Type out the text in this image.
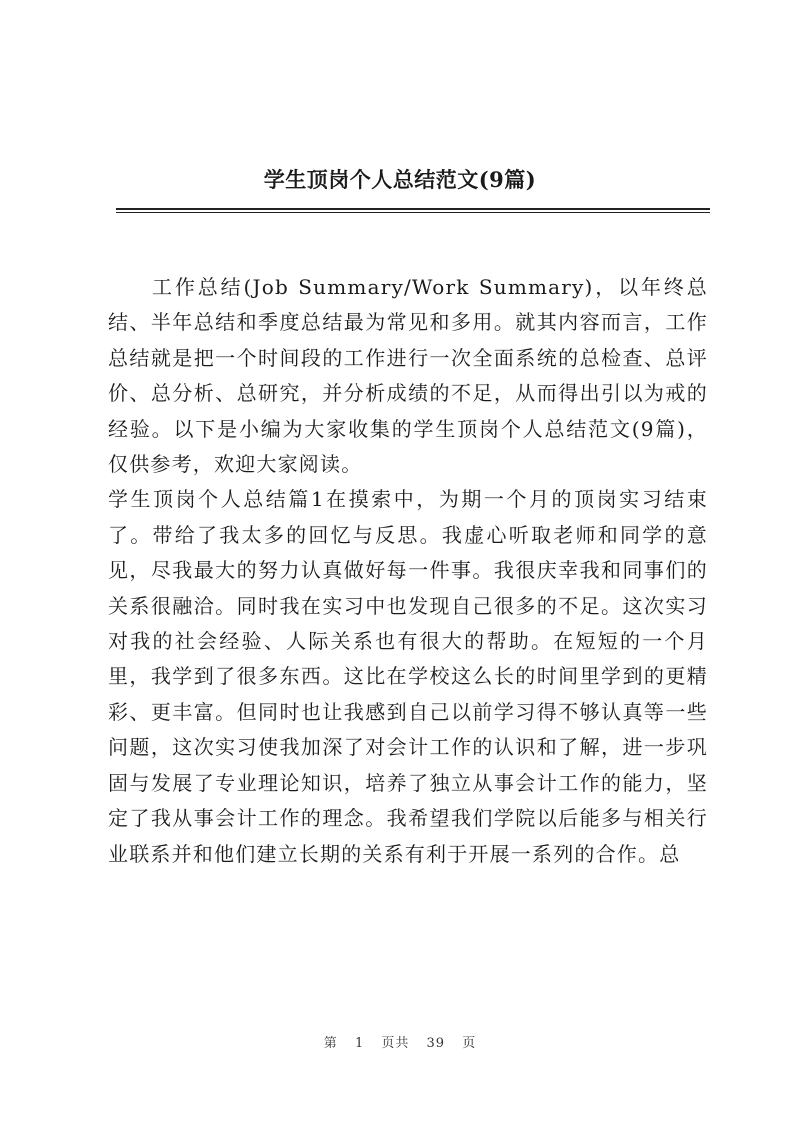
学生顶岗个人总结范文(9篇)

工作总结(Job Summary/Work Summary)，以年终总结、半年总结和季度总结最为常见和多用。就其内容而言，工作总结就是把一个时间段的工作进行一次全面系统的总检查、总评价、总分析、总研究，并分析成绩的不足，从而得出引以为戒的经验。以下是小编为大家收集的学生顶岗个人总结范文(9篇)，仅供参考，欢迎大家阅读。

学生顶岗个人总结篇1在摸索中，为期一个月的顶岗实习结束了。带给了我太多的回忆与反思。我虚心听取老师和同学的意见，尽我最大的努力认真做好每一件事。我很庆幸我和同事们的关系很融洽。同时我在实习中也发现自己很多的不足。这次实习对我的社会经验、人际关系也有很大的帮助。在短短的一个月里，我学到了很多东西。这比在学校这么长的时间里学到的更精彩、更丰富。但同时也让我感到自己以前学习得不够认真等一些问题，这次实习使我加深了对会计工作的认识和了解，进一步巩固与发展了专业理论知识，培养了独立从事会计工作的能力，坚定了我从事会计工作的理念。我希望我们学院以后能多与相关行业联系并和他们建立长期的关系有利于开展一系列的合作。总

第 1 页共 39 页
